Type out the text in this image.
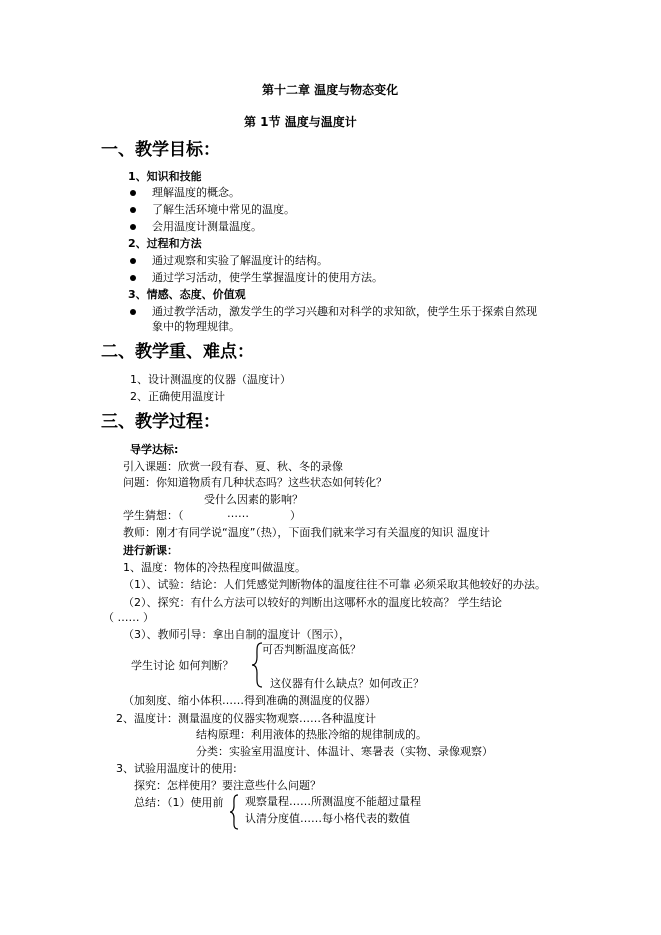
第十二章 温度与物态变化
第 1节 温度与温度计
一、教学目标：
1、知识和技能
理解温度的概念。
了解生活环境中常见的温度。
会用温度计测量温度。
2、过程和方法
通过观察和实验了解温度计的结构。
通过学习活动，使学生掌握温度计的使用方法。
3、情感、态度、价值观
通过教学活动，激发学生的学习兴趣和对科学的求知欲，使学生乐于探索自然现
象中的物理规律。
二、教学重、难点：
1、设计测温度的仪器（温度计）
2、正确使用温度计
三、教学过程：
导学达标:
引入课题：欣赏一段有春、夏、秋、冬的录像
问题：你知道物质有几种状态吗？这些状态如何转化？
受什么因素的影响？
学生猜想：（	……	）
教师：刚才有同学说“温度”（热），下面我们就来学习有关温度的知识 温度计
进行新课：
1、温度：物体的冷热程度叫做温度。
（1）、试验：结论：人们凭感觉判断物体的温度往往不可靠 必须采取其他较好的办法。
（2）、探究：有什么方法可以较好的判断出这哪杯水的温度比较高？ 学生结论
（ …… ）
（3）、教师引导：拿出自制的温度计（图示），
学生讨论 如何判断？
可否判断温度高低？
这仪器有什么缺点？如何改正？
（加刻度、缩小体积……得到准确的测温度的仪器）
2、温度计：测量温度的仪器实物观察……各种温度计
结构原理：利用液体的热胀冷缩的规律制成的。
分类：实验室用温度计、体温计、寒暑表（实物、录像观察）
3、试验用温度计的使用:
探究：怎样使用？要注意些什么问题？
总结：（1）使用前 观察量程……所测温度不能超过量程
认清分度值……每小格代表的数值
